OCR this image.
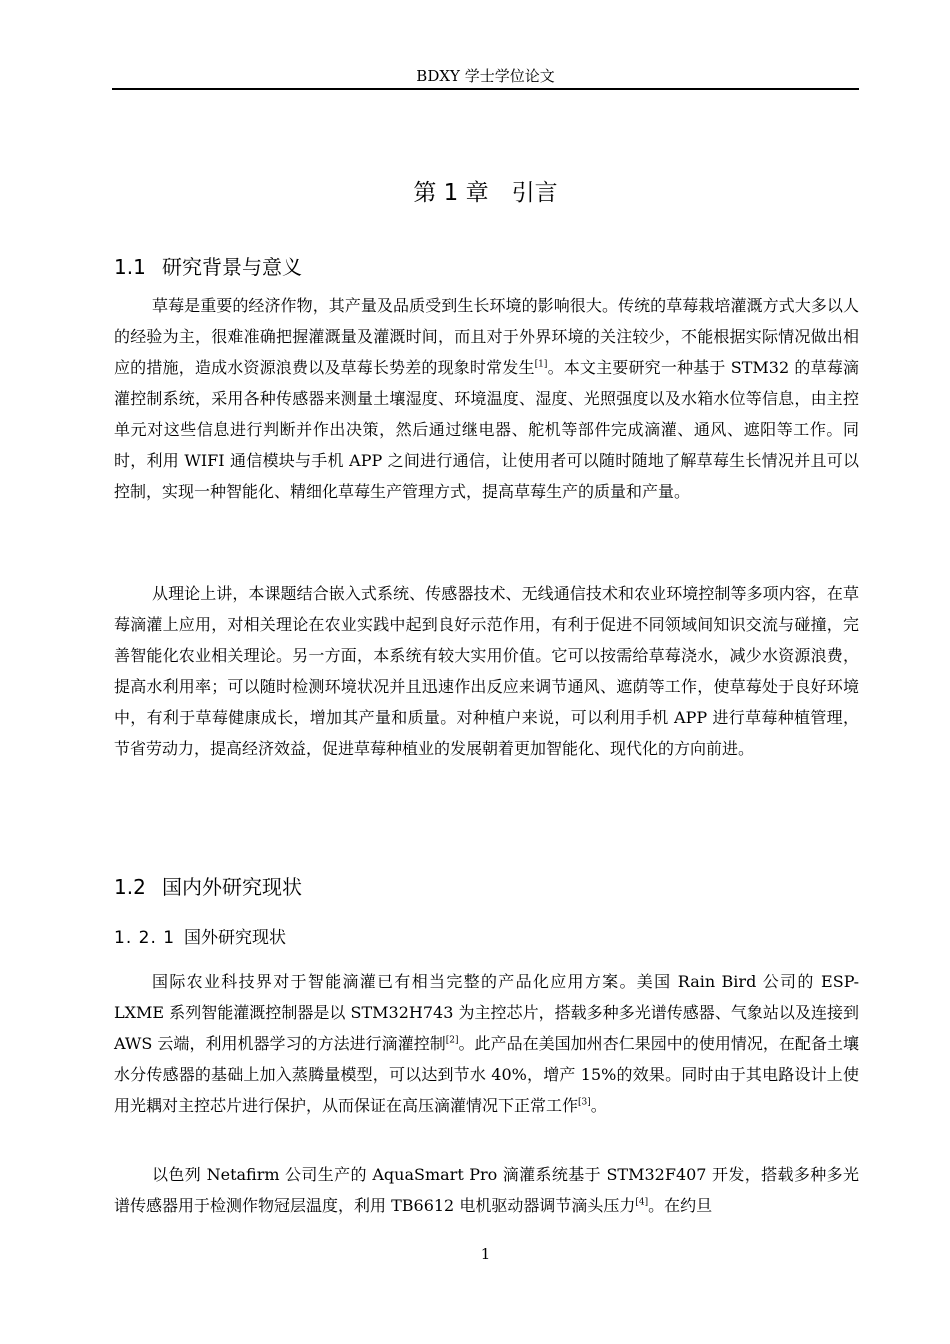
BDXY 学士学位论文
第 1 章　引言
1.1 研究背景与意义

草莓是重要的经济作物，其产量及品质受到生长环境的影响很大。传统的草莓栽培灌溉方式大多以人的经验为主，很难准确把握灌溉量及灌溉时间，而且对于外界环境的关注较少，不能根据实际情况做出相应的措施，造成水资源浪费以及草莓长势差的现象时常发生[1]。本文主要研究一种基于 STM32 的草莓滴灌控制系统，采用各种传感器来测量土壤湿度、环境温度、湿度、光照强度以及水箱水位等信息，由主控单元对这些信息进行判断并作出决策，然后通过继电器、舵机等部件完成滴灌、通风、遮阳等工作。同时，利用 WIFI 通信模块与手机 APP 之间进行通信，让使用者可以随时随地了解草莓生长情况并且可以控制，实现一种智能化、精细化草莓生产管理方式，提高草莓生产的质量和产量。

从理论上讲，本课题结合嵌入式系统、传感器技术、无线通信技术和农业环境控制等多项内容，在草莓滴灌上应用，对相关理论在农业实践中起到良好示范作用，有利于促进不同领域间知识交流与碰撞，完善智能化农业相关理论。另一方面，本系统有较大实用价值。它可以按需给草莓浇水，减少水资源浪费，提高水利用率；可以随时检测环境状况并且迅速作出反应来调节通风、遮荫等工作，使草莓处于良好环境中，有利于草莓健康成长，增加其产量和质量。对种植户来说，可以利用手机 APP 进行草莓种植管理，节省劳动力，提高经济效益，促进草莓种植业的发展朝着更加智能化、现代化的方向前进。

1.2 国内外研究现状
1. 2. 1 国外研究现状

国际农业科技界对于智能滴灌已有相当完整的产品化应用方案。美国 Rain Bird 公司的 ESP-LXME 系列智能灌溉控制器是以 STM32H743 为主控芯片，搭载多种多光谱传感器、气象站以及连接到 AWS 云端，利用机器学习的方法进行滴灌控制[2]。此产品在美国加州杏仁果园中的使用情况，在配备土壤水分传感器的基础上加入蒸腾量模型，可以达到节水 40%，增产 15%的效果。同时由于其电路设计上使用光耦对主控芯片进行保护，从而保证在高压滴灌情况下正常工作[3]。

以色列 Netafirm 公司生产的 AquaSmart Pro 滴灌系统基于 STM32F407 开发，搭载多种多光谱传感器用于检测作物冠层温度，利用 TB6612 电机驱动器调节滴头压力[4]。在约旦

1
